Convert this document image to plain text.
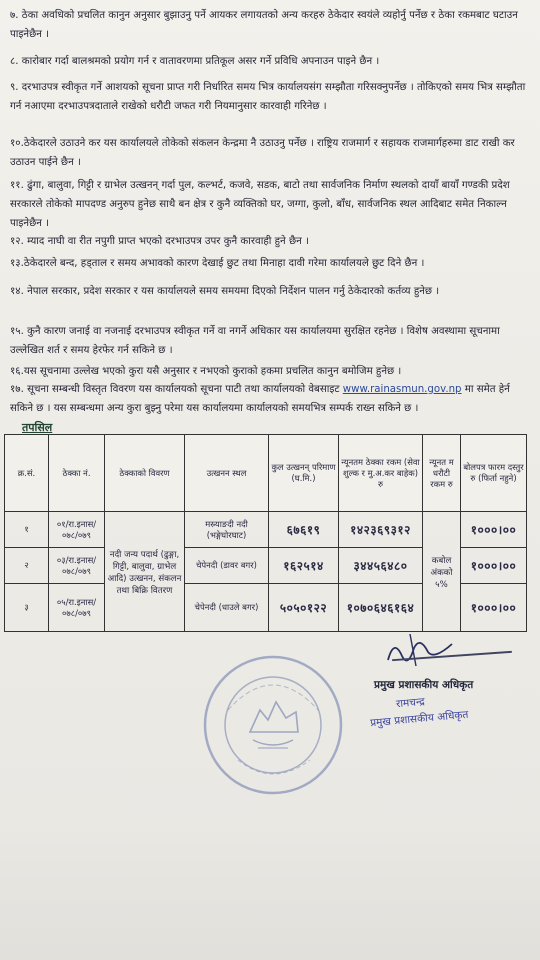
७. ठेका अवधिको प्रचलित कानुन अनुसार बुझाउनु पर्ने आयकर लगायतको अन्य करहरु ठेकेदार स्वयंले व्यहोर्नु पर्नेछ र ठेका रकमबाट घटाउन पाइनेछैन ।
८. कारोबार गर्दा बालश्रमको प्रयोग गर्न र वातावरणमा प्रतिकूल असर गर्ने प्रविधि अपनाउन पाइने छैन ।
९. दरभाउपत्र स्वीकृत गर्ने आशयको सूचना प्राप्त गरी निर्धारित समय भित्र कार्यालयसंग सम्झौता गरिसक्नुपर्नेछ । तोकिएको समय भित्र सम्झौता गर्न नआएमा दरभाउपत्रदाताले राखेको धरौटी जफत गरी नियमानुसार कारवाही गरिनेछ ।
१०.ठेकेदारले उठाउने कर यस कार्यालयले तोकेको संकलन केन्द्रमा नै उठाउनु पर्नेछ । राष्ट्रिय राजमार्ग र सहायक राजमार्गहरुमा डाट राखी कर उठाउन पाईने छैन ।
११. ढुंगा, बालुवा, गिट्टी र ग्राभेल उत्खनन् गर्दा पुल, कल्भर्ट, कजवे, सडक, बाटो तथा सार्वजनिक निर्माण स्थलको दायाँ बायाँ गण्डकी प्रदेश सरकारले तोकेको मापदण्ड अनुरुप हुनेछ साथै बन क्षेत्र र कुनै व्यक्तिको घर, जग्गा, कुलो, बाँध, सार्वजनिक स्थल आदिबाट समेत निकाल्न पाइनेछैन ।
१२. म्याद नाघी वा रीत नपुगी प्राप्त भएको दरभाउपत्र उपर कुनै कारवाही हुने छैन ।
१३.ठेकेदारले बन्द, हड्ताल र समय अभावको कारण देखाई छुट तथा मिनाहा दावी गरेमा कार्यालयले छुट दिने छैन ।
१४. नेपाल सरकार, प्रदेश सरकार र यस कार्यालयले समय समयमा दिएको निर्देशन पालन गर्नु ठेकेदारको कर्तव्य हुनेछ ।
१५. कुनै कारण जनाई वा नजनाई दरभाउपत्र स्वीकृत गर्ने वा नगर्ने अधिकार यस कार्यालयमा सुरक्षित रहनेछ । विशेष अवस्थामा सूचनामा उल्लेखित शर्त र समय हेरफेर गर्न सकिने छ ।
१६.यस सूचनामा उल्लेख भएको कुरा यसै अनुसार र नभएको कुराको हकमा प्रचलित कानुन बमोजिम हुनेछ ।
१७. सूचना सम्बन्धी विस्तृत विवरण यस कार्यालयको सूचना पाटी तथा कार्यालयको वेबसाइट www.rainasmun.gov.np मा समेत हेर्न सकिने छ । यस सम्बन्धमा अन्य कुरा बुझ्नु परेमा यस कार्यालयमा कार्यालयको समयभित्र सम्पर्क राख्न सकिने छ ।
तपसिल
क्र.सं.	ठेक्का नं.	ठेक्काको विवरण	उत्खनन स्थल	कुल उत्खनन् परिमाण (घ.मि.)	न्यूनतम ठेक्का रकम (सेवा शुल्क र मु.अ.कर बाहेक) रु	न्यूनत म धरौटी रकम रु	बोलपत्र फारम दस्तुर रु (फिर्ता नहुने)
१	०१/रा.इनास/०७८/०७९	नदी जन्य पदार्थ (ढुङ्गा, गिट्टी, बालुवा, ग्राभेल आदि) उत्खनन, संकलन तथा बिक्रि वितरण	मस्र्याङदी नदी (भङ्गेघोरघाट)	६७६१९	१४२३६९३१२	कबोल अंकको ५%	१०००।००
२	०३/रा.इनास/०७८/०७९		चेपेनदी (डावर बगर)	१६२५१४	३४४५६४८०		१०००।००
३	०५/रा.इनास/०७८/०७९		चेपेनदी (धाउले बगर)	५०५०१२२	१०७०६४६१६४		१०००।००
प्रमुख प्रशासकीय अधिकृत
रामचन्द्र
प्रमुख प्रशासकीय अधिकृत
